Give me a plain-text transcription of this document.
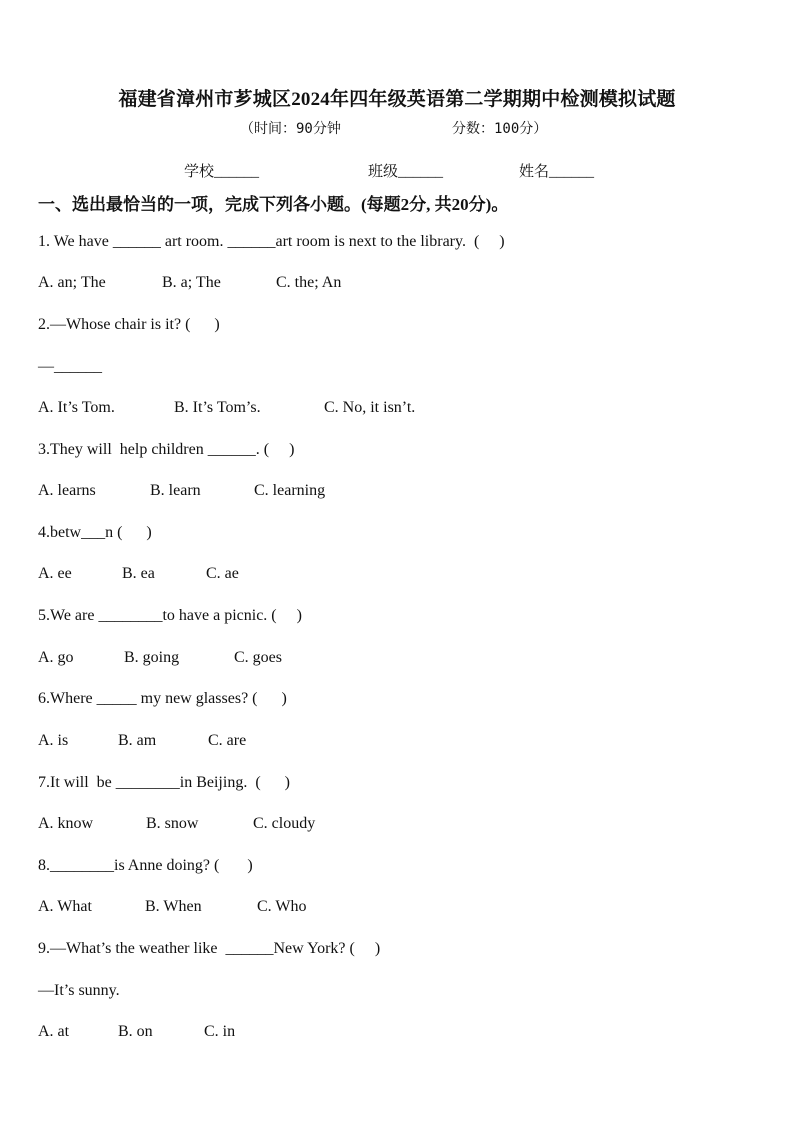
福建省漳州市芗城区2024年四年级英语第二学期期中检测模拟试题
（时间：90分钟	分数：100分）
学校______	班级______	姓名______
一、选出最恰当的一项，完成下列各小题。(每题2分, 共20分)。
1. We have ______ art room. ______art room is next to the library.  (     )
A. an; The	B. a; The	C. the; An
2.—Whose chair is it? (      )
—______
A. It’s Tom.	B. It’s Tom’s.	C. No, it isn’t.
3.They will  help children ______. (     )
A. learns	B. learn	C. learning
4.betw___n (      )
A. ee	B. ea	C. ae
5.We are ________to have a picnic. (     )
A. go	B. going	C. goes
6.Where _____ my new glasses? (      )
A. is	B. am	C. are
7.It will  be ________in Beijing.  (      )
A. know	B. snow	C. cloudy
8.________is Anne doing? (       )
A. What	B. When	C. Who
9.—What’s the weather like  ______New York? (     )
—It’s sunny.
A. at	B. on	C. in
